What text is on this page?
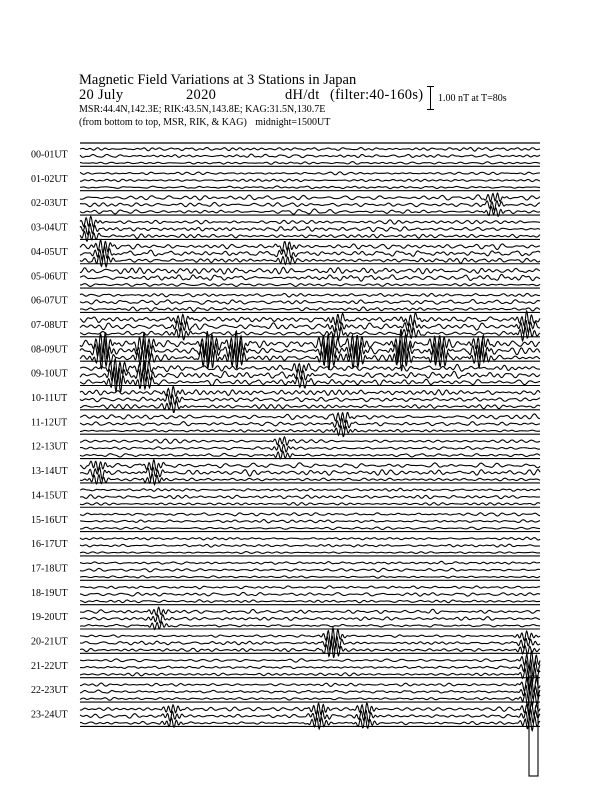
Magnetic Field Variations at 3 Stations in Japan
20 July	2020	dH/dt (filter:40-160s)
MSR:44.4N,142.3E; RIK:43.5N,143.8E; KAG:31.5N,130.7E
(from bottom to top, MSR, RIK, & KAG) midnight=1500UT
1.00 nT at T=80s
00-01UT
01-02UT
02-03UT
03-04UT
04-05UT
05-06UT
06-07UT
07-08UT
08-09UT
09-10UT
10-11UT
11-12UT
12-13UT
13-14UT
14-15UT
15-16UT
16-17UT
17-18UT
18-19UT
19-20UT
20-21UT
21-22UT
22-23UT
23-24UT
